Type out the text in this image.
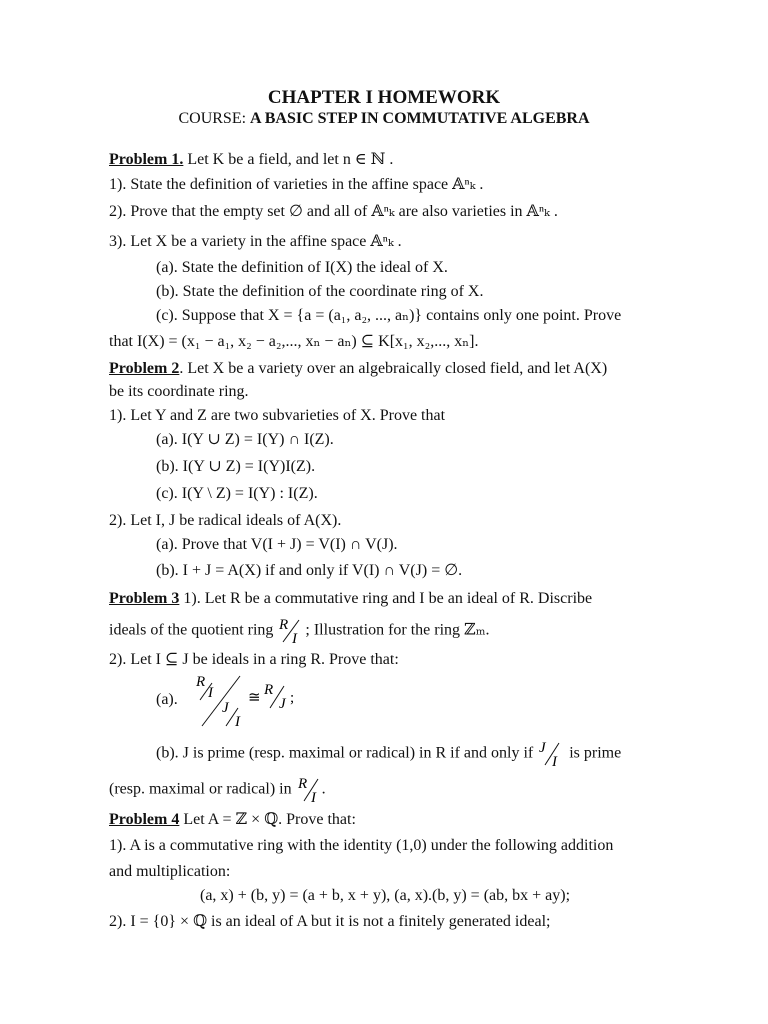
CHAPTER I HOMEWORK
COURSE: A BASIC STEP IN COMMUTATIVE ALGEBRA
Problem 1. Let K be a field, and let n ∈ ℕ .
1). State the definition of varieties in the affine space 𝔸ⁿₖ .
2). Prove that the empty set ∅ and all of 𝔸ⁿₖ are also varieties in 𝔸ⁿₖ .
3). Let X be a variety in the affine space 𝔸ⁿₖ .
(a). State the definition of I(X) the ideal of X.
(b). State the definition of the coordinate ring of X.
(c). Suppose that X = {a = (a₁, a₂, ..., aₙ)} contains only one point. Prove
that I(X) = (x₁ − a₁, x₂ − a₂,..., xₙ − aₙ) ⊆ K[x₁, x₂,..., xₙ].
Problem 2. Let X be a variety over an algebraically closed field, and let A(X)
be its coordinate ring.
1). Let Y and Z are two subvarieties of X. Prove that
(a). I(Y ∪ Z) = I(Y) ∩ I(Z).
(b). I(Y ∪ Z) = I(Y)I(Z).
(c). I(Y \ Z) = I(Y) : I(Z).
2). Let I, J be radical ideals of A(X).
(a). Prove that V(I + J) = V(I) ∩ V(J).
(b). I + J = A(X) if and only if V(I) ∩ V(J) = ∅.
Problem 3 1). Let R be a commutative ring and I be an ideal of R. Discribe
ideals of the quotient ring R
I
; Illustration for the ring ℤₘ.
2). Let I ⊆ J be ideals in a ring R. Prove that:
(a).
R
I
J
I
≅ R
J ;
(b). J is prime (resp. maximal or radical) in R if and only if J
I
is prime
(resp. maximal or radical) in R
I
.
Problem 4 Let A = ℤ × ℚ. Prove that:
1). A is a commutative ring with the identity (1,0) under the following addition
and multiplication:
(a, x) + (b, y) = (a + b, x + y), (a, x).(b, y) = (ab, bx + ay);
2). I = {0} × ℚ is an ideal of A but it is not a finitely generated ideal;
